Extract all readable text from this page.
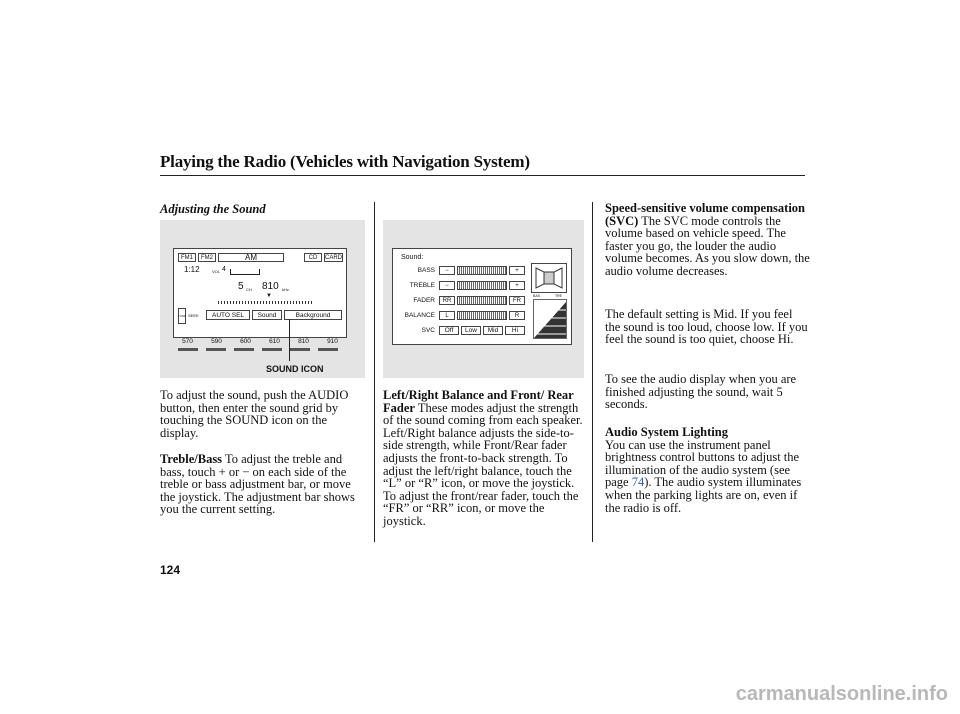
Playing the Radio (Vehicles with Navigation System)
Adjusting the Sound
FM1	FM2	AM	CD	CARD
1:12	VOL 4
5 CH 810 kHz
▼
TUNE SEEK	AUTO SEL	Sound	Background
570	590	600	610	810	910
SOUND ICON
To adjust the sound, push the AUDIO button, then enter the sound grid by touching the SOUND icon on the display.
Treble/Bass To adjust the treble and bass, touch + or − on each side of the treble or bass adjustment bar, or move the joystick. The adjustment bar shows you the current setting.
Sound:
BASS	−	+
TREBLE	−	+
FADER	RR	FR
BALANCE	L	R
SVC	Off	Low	Mid	Hi
BAS	TRE
Left/Right Balance and Front/ Rear Fader These modes adjust the strength of the sound coming from each speaker. Left/Right balance adjusts the side-to-side strength, while Front/Rear fader adjusts the front-to-back strength. To adjust the left/right balance, touch the “L” or “R” icon, or move the joystick. To adjust the front/rear fader, touch the “FR” or “RR” icon, or move the joystick.
Speed-sensitive volume compensation (SVC) The SVC mode controls the volume based on vehicle speed. The faster you go, the louder the audio volume becomes. As you slow down, the audio volume decreases.
The default setting is Mid. If you feel the sound is too loud, choose low. If you feel the sound is too quiet, choose Hi.
To see the audio display when you are finished adjusting the sound, wait 5 seconds.
Audio System Lighting
You can use the instrument panel brightness control buttons to adjust the illumination of the audio system (see page 74). The audio system illuminates when the parking lights are on, even if the radio is off.
124
carmanualsonline.info
